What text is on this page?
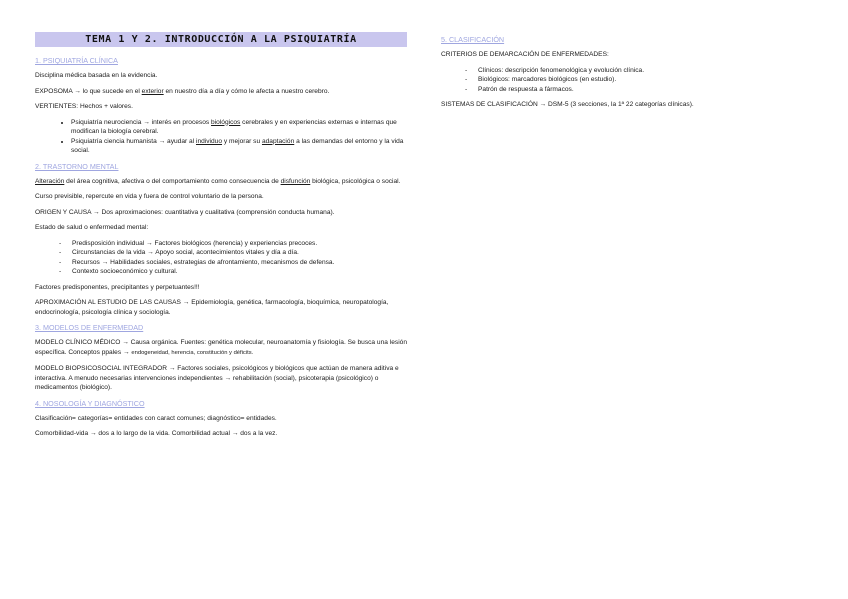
TEMA 1 Y 2. INTRODUCCIÓN A LA PSIQUIATRÍA
1. PSIQUIATRÍA CLÍNICA

Disciplina médica basada en la evidencia.

EXPOSOMA → lo que sucede en el exterior en nuestro día a día y cómo le afecta a nuestro cerebro.

VERTIENTES: Hechos + valores.

• Psiquiatría neurociencia → interés en procesos biológicos cerebrales y en experiencias externas e internas que modifican la biología cerebral.
• Psiquiatría ciencia humanista → ayudar al individuo y mejorar su adaptación a las demandas del entorno y la vida social.
2. TRASTORNO MENTAL

Alteración del área cognitiva, afectiva o del comportamiento como consecuencia de disfunción biológica, psicológica o social.

Curso previsible, repercute en vida y fuera de control voluntario de la persona.

ORIGEN Y CAUSA → Dos aproximaciones: cuantitativa y cualitativa (comprensión conducta humana).

Estado de salud o enfermedad mental:

- Predisposición individual → Factores biológicos (herencia) y experiencias precoces.
- Circunstancias de la vida → Apoyo social, acontecimientos vitales y día a día.
- Recursos → Habilidades sociales, estrategias de afrontamiento, mecanismos de defensa.
- Contexto socioeconómico y cultural.

Factores predisponentes, precipitantes y perpetuantes!!!

APROXIMACIÓN AL ESTUDIO DE LAS CAUSAS → Epidemiología, genética, farmacología, bioquímica, neuropatología, endocrinología, psicología clínica y sociología.

3. MODELOS DE ENFERMEDAD

MODELO CLÍNICO MÉDICO → Causa orgánica. Fuentes: genética molecular, neuroanatomía y fisiología. Se busca una lesión específica. Conceptos ppales → endogeneidad, herencia, constitución y déficits.

MODELO BIOPSICOSOCIAL INTEGRADOR → Factores sociales, psicológicos y biológicos que actúan de manera aditiva e interactiva. A menudo necesarias intervenciones independientes → rehabilitación (social), psicoterapia (psicológico) o medicamentos (biológico).

4. NOSOLOGÍA Y DIAGNÓSTICO

Clasificación= categorías= entidades con caract comunes; diagnóstico= entidades.

Comorbilidad-vida → dos a lo largo de la vida. Comorbilidad actual → dos a la vez.

5. CLASIFICACIÓN

CRITERIOS DE DEMARCACIÓN DE ENFERMEDADES:

- Clínicos: descripción fenomenológica y evolución clínica.
- Biológicos: marcadores biológicos (en estudio).
- Patrón de respuesta a fármacos.

SISTEMAS DE CLASIFICACIÓN → DSM-5 (3 secciones, la 1ª 22 categorías clínicas).
